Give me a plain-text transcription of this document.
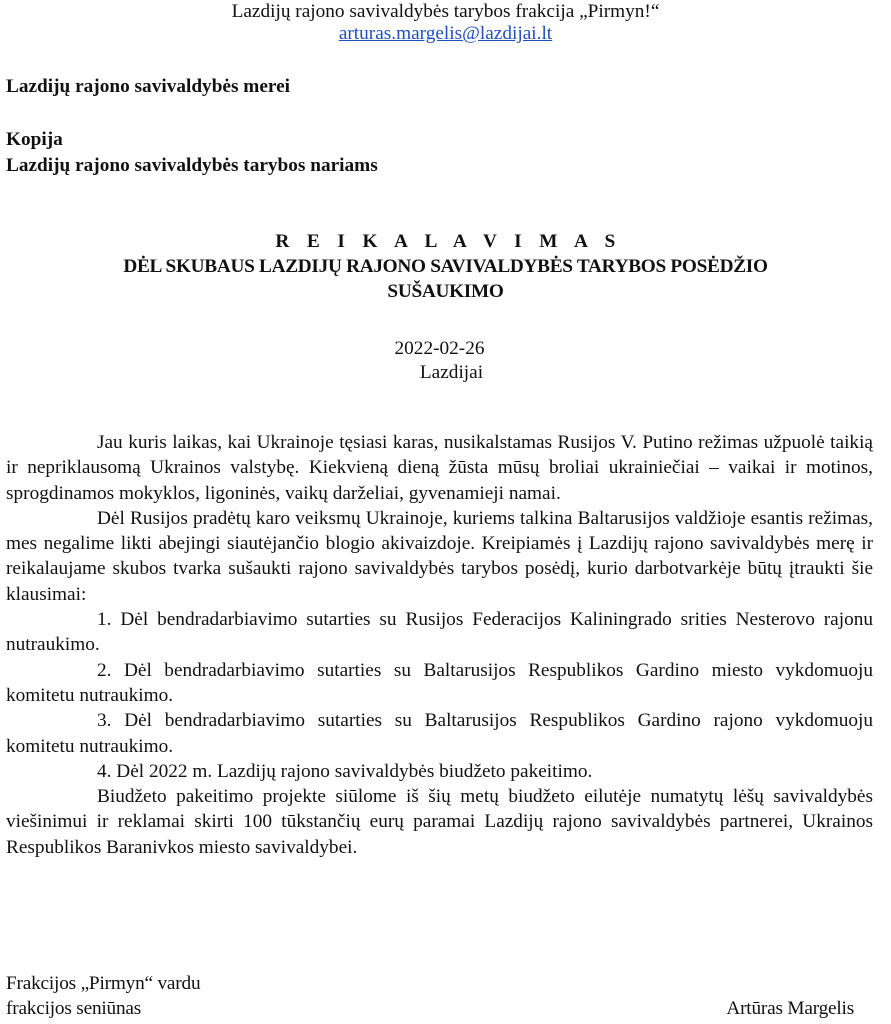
Lazdijų rajono savivaldybės tarybos frakcija „Pirmyn!“
arturas.margelis@lazdijai.lt
Lazdijų rajono savivaldybės merei
Kopija
Lazdijų rajono savivaldybės tarybos nariams
R E I K A L A V I M A S
DĖL SKUBAUS LAZDIJŲ RAJONO SAVIVALDYBĖS TARYBOS POSĖDŽIO
SUŠAUKIMO
2022-02-26
Lazdijai

Jau kuris laikas, kai Ukrainoje tęsiasi karas, nusikalstamas Rusijos V. Putino režimas užpuolė taikią ir nepriklausomą Ukrainos valstybę. Kiekvieną dieną žūsta mūsų broliai ukrainiečiai – vaikai ir motinos, sprogdinamos mokyklos, ligoninės, vaikų darželiai, gyvenamieji namai.

Dėl Rusijos pradėtų karo veiksmų Ukrainoje, kuriems talkina Baltarusijos valdžioje esantis režimas, mes negalime likti abejingi siautėjančio blogio akivaizdoje. Kreipiamės į Lazdijų rajono savivaldybės merę ir reikalaujame skubos tvarka sušaukti rajono savivaldybės tarybos posėdį, kurio darbotvarkėje būtų įtraukti šie klausimai:

1. Dėl bendradarbiavimo sutarties su Rusijos Federacijos Kaliningrado srities Nesterovo rajonu nutraukimo.

2. Dėl bendradarbiavimo sutarties su Baltarusijos Respublikos Gardino miesto vykdomuoju komitetu nutraukimo.

3. Dėl bendradarbiavimo sutarties su Baltarusijos Respublikos Gardino rajono vykdomuoju komitetu nutraukimo.

4. Dėl 2022 m. Lazdijų rajono savivaldybės biudžeto pakeitimo.

Biudžeto pakeitimo projekte siūlome iš šių metų biudžeto eilutėje numatytų lėšų savivaldybės viešinimui ir reklamai skirti 100 tūkstančių eurų paramai Lazdijų rajono savivaldybės partnerei, Ukrainos Respublikos Baranivkos miesto savivaldybei.

Frakcijos „Pirmyn“ vardu
frakcijos seniūnas	Artūras Margelis
